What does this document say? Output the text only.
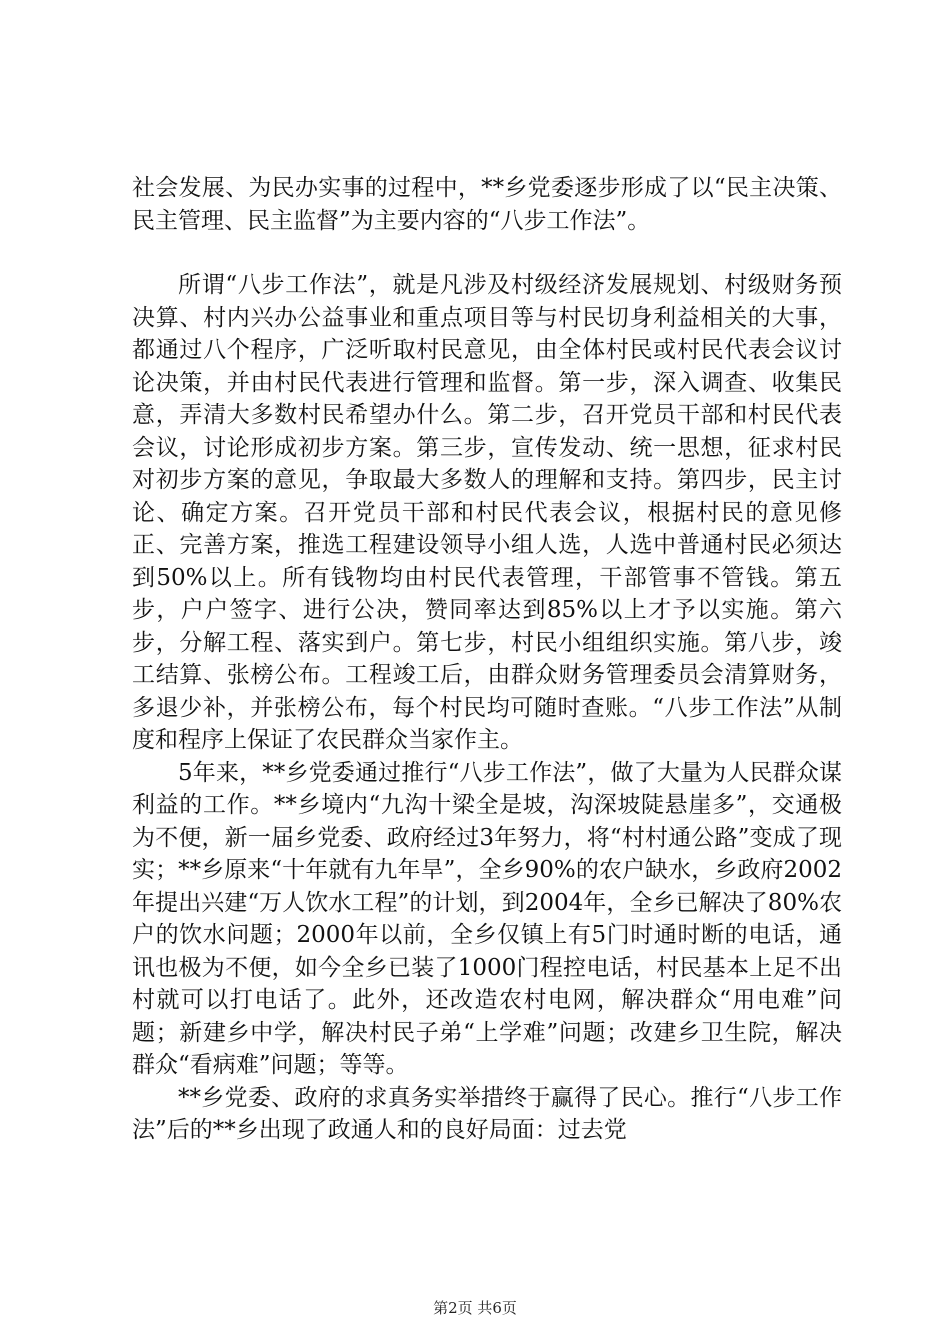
社会发展、为民办实事的过程中，**乡党委逐步形成了以“民主决策、民主管理、民主监督”为主要内容的“八步工作法”。

所谓“八步工作法”，就是凡涉及村级经济发展规划、村级财务预决算、村内兴办公益事业和重点项目等与村民切身利益相关的大事，都通过八个程序，广泛听取村民意见，由全体村民或村民代表会议讨论决策，并由村民代表进行管理和监督。第一步，深入调查、收集民意，弄清大多数村民希望办什么。第二步，召开党员干部和村民代表会议，讨论形成初步方案。第三步，宣传发动、统一思想，征求村民对初步方案的意见，争取最大多数人的理解和支持。第四步，民主讨论、确定方案。召开党员干部和村民代表会议，根据村民的意见修正、完善方案，推选工程建设领导小组人选，人选中普通村民必须达到50%以上。所有钱物均由村民代表管理，干部管事不管钱。第五步，户户签字、进行公决，赞同率达到85%以上才予以实施。第六步，分解工程、落实到户。第七步，村民小组组织实施。第八步，竣工结算、张榜公布。工程竣工后，由群众财务管理委员会清算财务，多退少补，并张榜公布，每个村民均可随时查账。“八步工作法”从制度和程序上保证了农民群众当家作主。

5年来，**乡党委通过推行“八步工作法”，做了大量为人民群众谋利益的工作。**乡境内“九沟十梁全是坡，沟深坡陡悬崖多”，交通极为不便，新一届乡党委、政府经过3年努力，将“村村通公路”变成了现实；**乡原来“十年就有九年旱”，全乡90%的农户缺水，乡政府2002年提出兴建“万人饮水工程”的计划，到2004年，全乡已解决了80%农户的饮水问题；2000年以前，全乡仅镇上有5门时通时断的电话，通讯也极为不便，如今全乡已装了1000门程控电话，村民基本上足不出村就可以打电话了。此外，还改造农村电网，解决群众“用电难”问题；新建乡中学，解决村民子弟“上学难”问题；改建乡卫生院，解决群众“看病难”问题；等等。

**乡党委、政府的求真务实举措终于赢得了民心。推行“八步工作法”后的**乡出现了政通人和的良好局面：过去党

第2页 共6页
